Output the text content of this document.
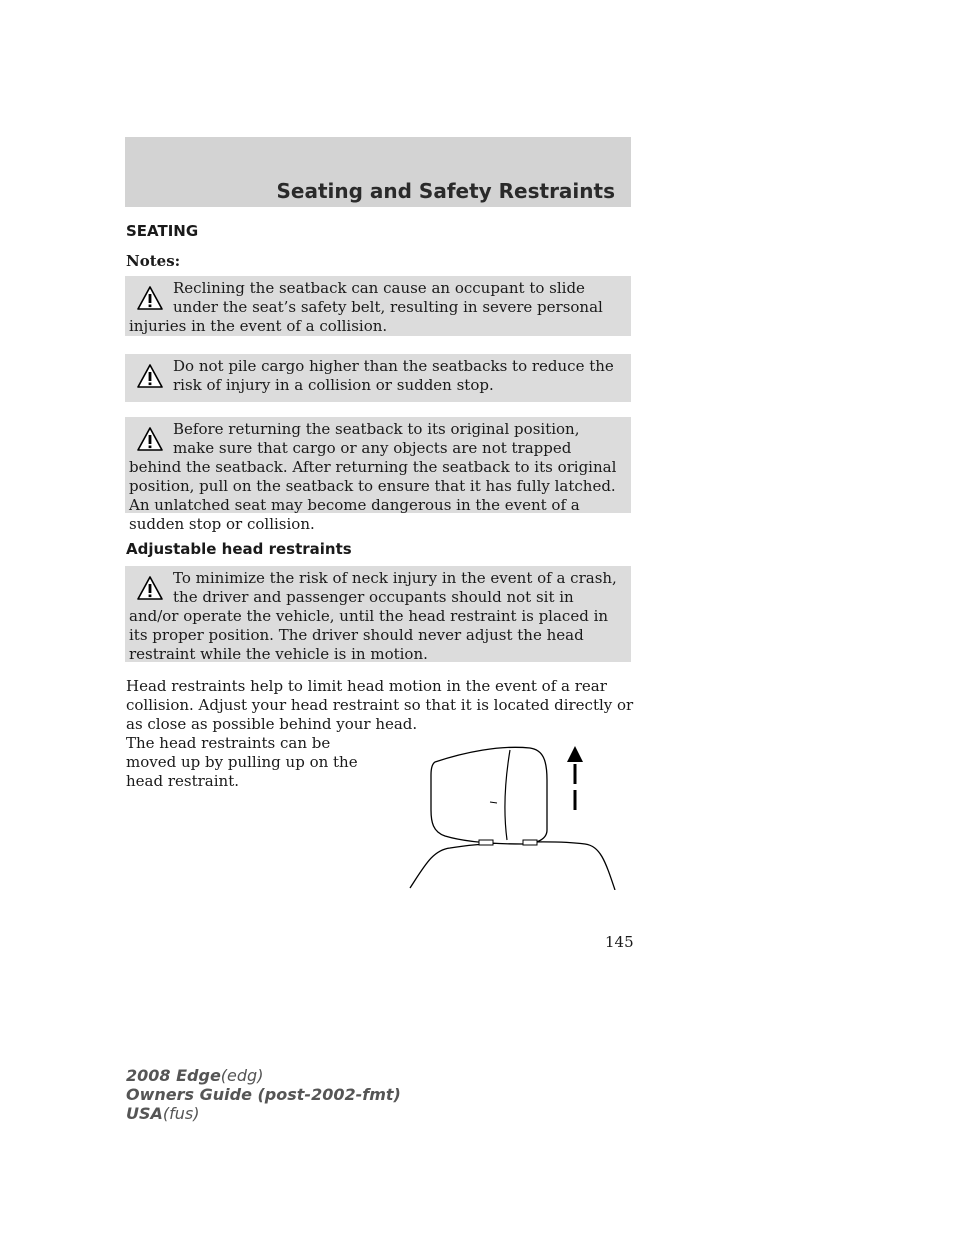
Seating and Safety Restraints
SEATING
Notes:
Reclining the seatback can cause an occupant to slide under the seat’s safety belt, resulting in severe personal injuries in the event of a collision.
Do not pile cargo higher than the seatbacks to reduce the risk of injury in a collision or sudden stop.
Before returning the seatback to its original position, make sure that cargo or any objects are not trapped behind the seatback. After returning the seatback to its original position, pull on the seatback to ensure that it has fully latched. An unlatched seat may become dangerous in the event of a sudden stop or collision.
Adjustable head restraints
To minimize the risk of neck injury in the event of a crash, the driver and passenger occupants should not sit in and/or operate the vehicle, until the head restraint is placed in its proper position. The driver should never adjust the head restraint while the vehicle is in motion.
Head restraints help to limit head motion in the event of a rear collision. Adjust your head restraint so that it is located directly or as close as possible behind your head.
The head restraints can be moved up by pulling up on the head restraint.
145
2008 Edge(edg)
Owners Guide (post-2002-fmt)
USA(fus)
